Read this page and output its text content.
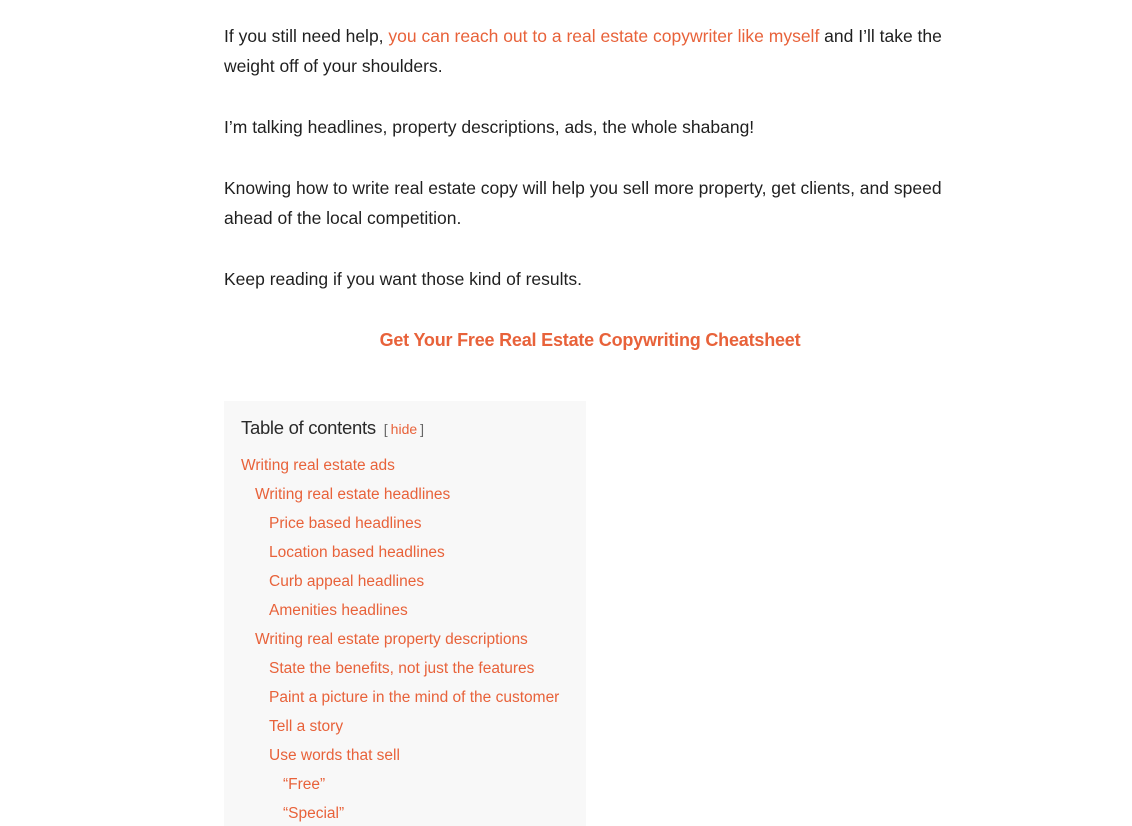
If you still need help, you can reach out to a real estate copywriter like myself and I’ll take the weight off of your shoulders.

I’m talking headlines, property descriptions, ads, the whole shabang!

Knowing how to write real estate copy will help you sell more property, get clients, and speed ahead of the local competition.

Keep reading if you want those kind of results.

Get Your Free Real Estate Copywriting Cheatsheet

Table of contents [ hide ]
Writing real estate ads
Writing real estate headlines
Price based headlines
Location based headlines
Curb appeal headlines
Amenities headlines
Writing real estate property descriptions
State the benefits, not just the features
Paint a picture in the mind of the customer
Tell a story
Use words that sell
“Free”
“Special”
